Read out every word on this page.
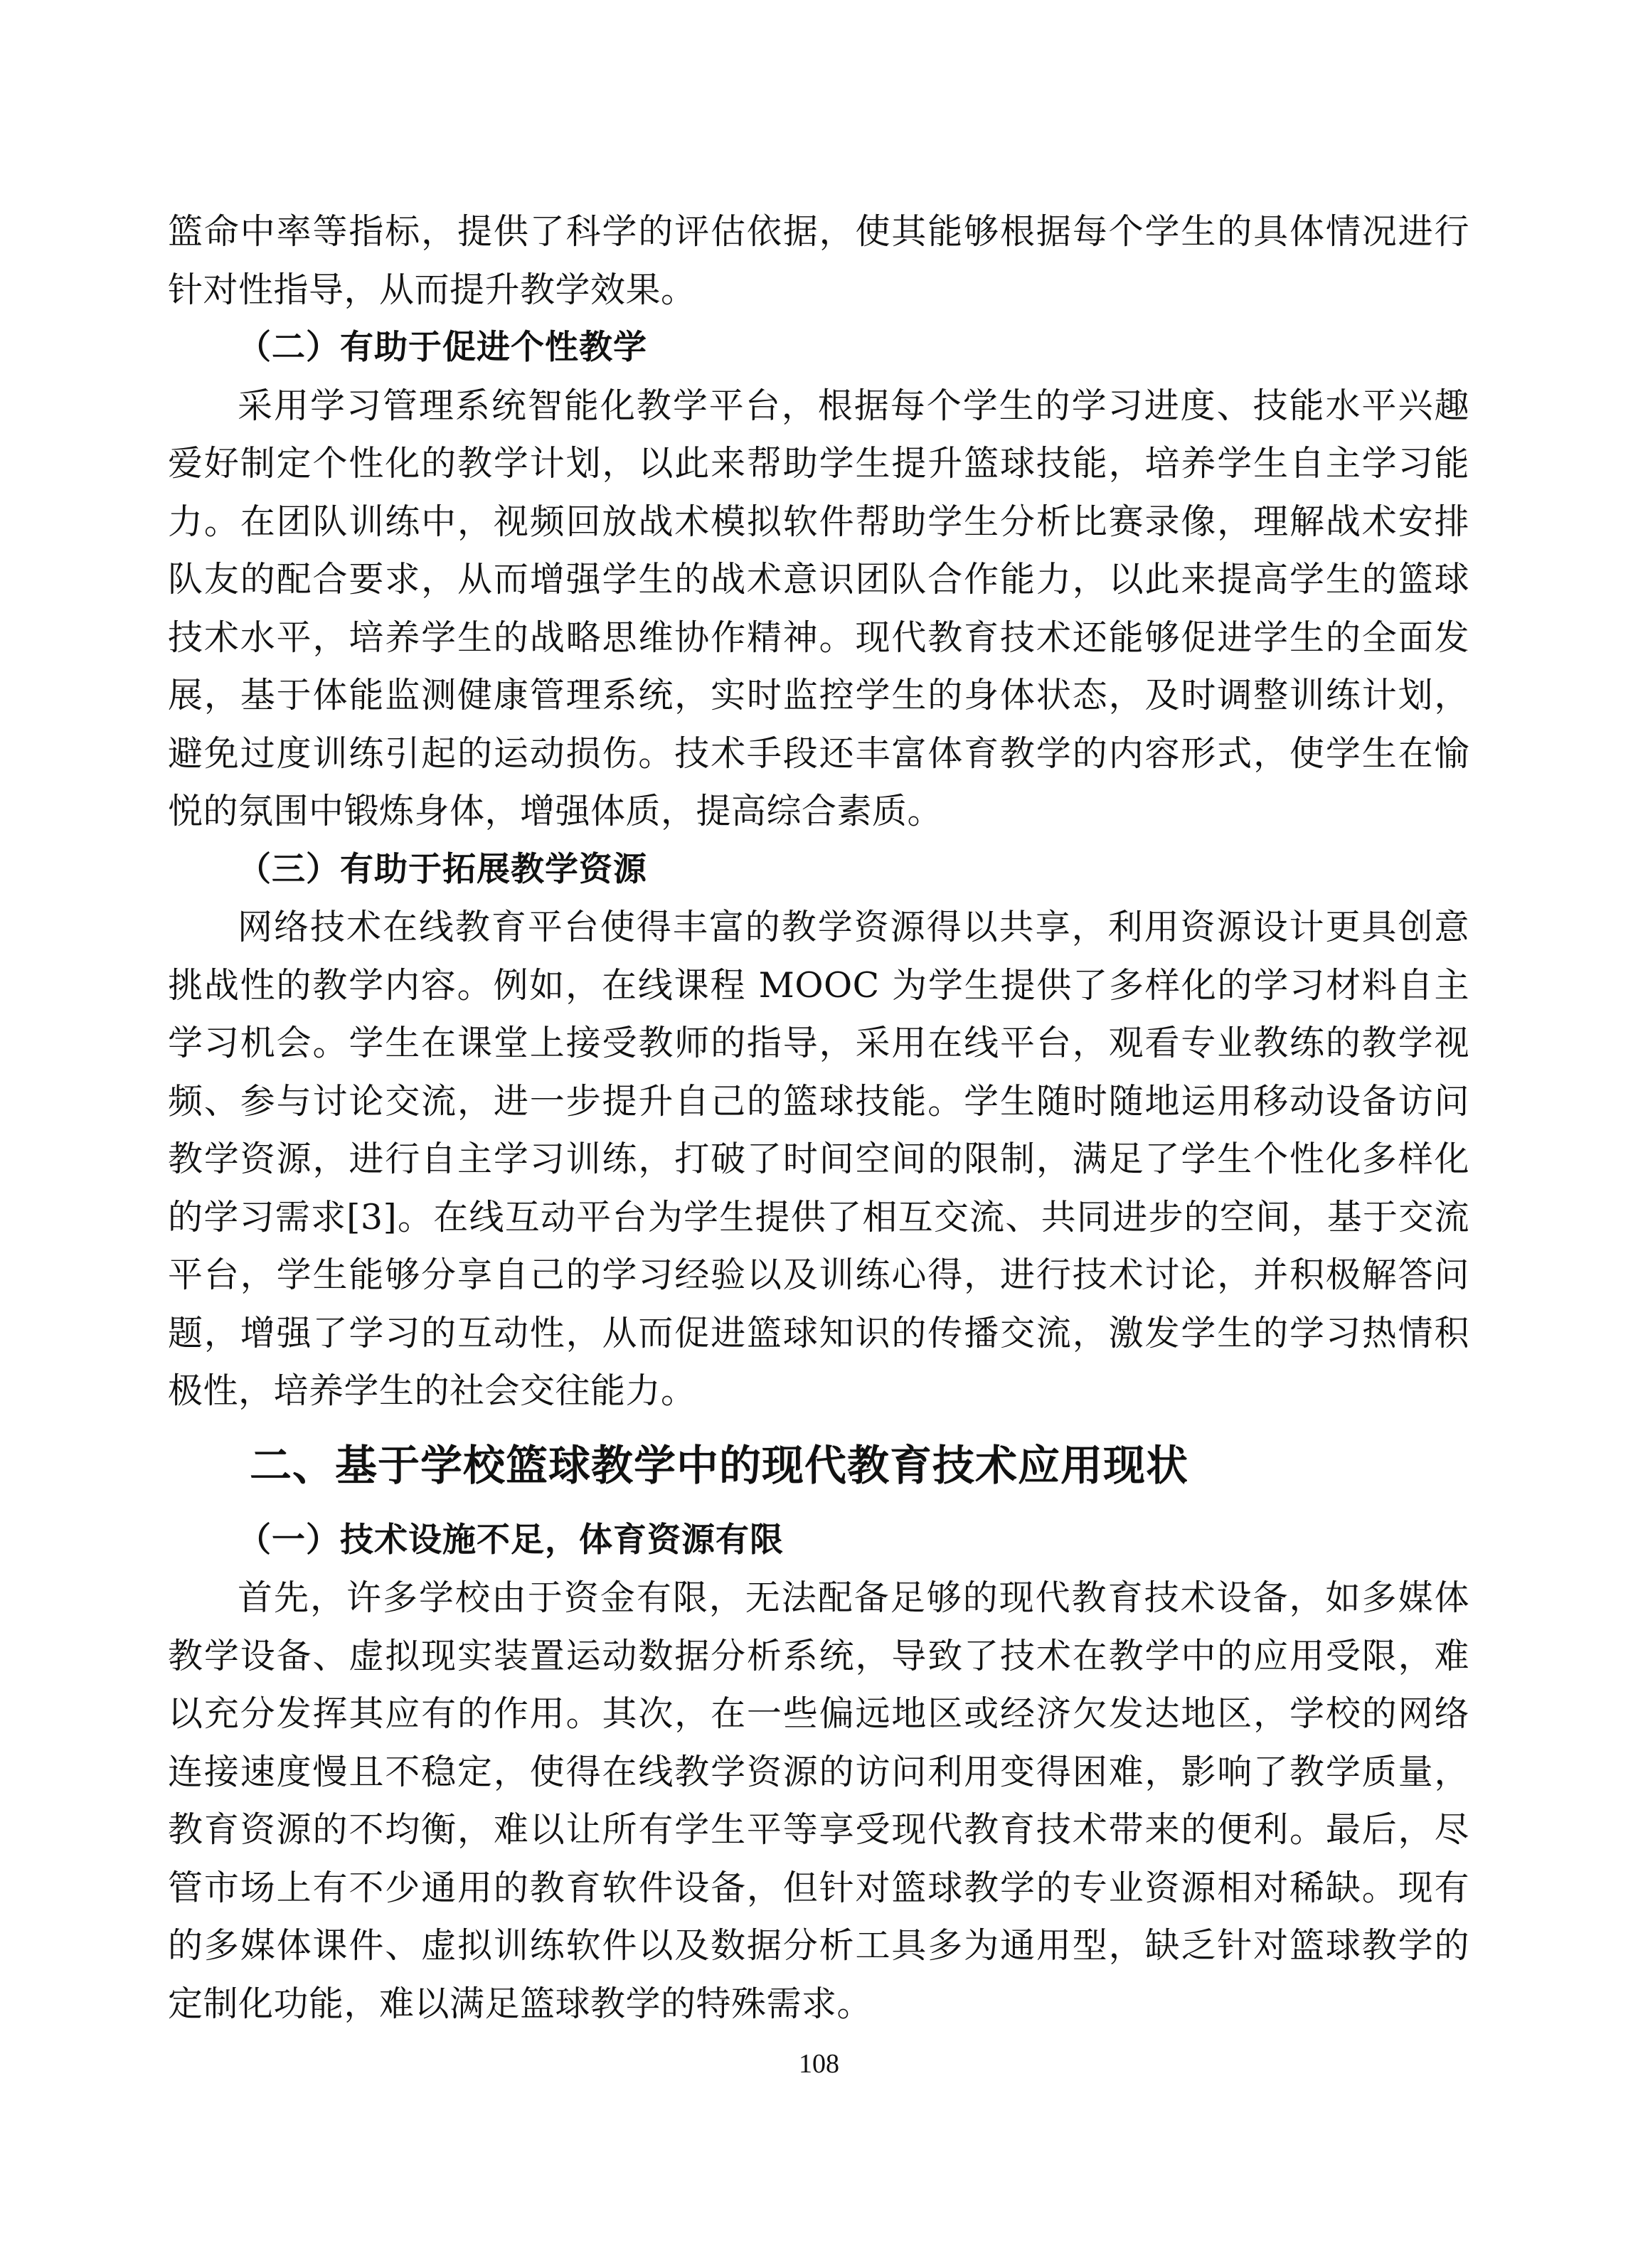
篮命中率等指标，提供了科学的评估依据，使其能够根据每个学生的具体情况进行针对性指导，从而提升教学效果。

（二）有助于促进个性教学

采用学习管理系统智能化教学平台，根据每个学生的学习进度、技能水平兴趣爱好制定个性化的教学计划，以此来帮助学生提升篮球技能，培养学生自主学习能力。在团队训练中，视频回放战术模拟软件帮助学生分析比赛录像，理解战术安排队友的配合要求，从而增强学生的战术意识团队合作能力，以此来提高学生的篮球技术水平，培养学生的战略思维协作精神。现代教育技术还能够促进学生的全面发展，基于体能监测健康管理系统，实时监控学生的身体状态，及时调整训练计划，避免过度训练引起的运动损伤。技术手段还丰富体育教学的内容形式，使学生在愉悦的氛围中锻炼身体，增强体质，提高综合素质。

（三）有助于拓展教学资源

网络技术在线教育平台使得丰富的教学资源得以共享，利用资源设计更具创意挑战性的教学内容。例如，在线课程 MOOC 为学生提供了多样化的学习材料自主学习机会。学生在课堂上接受教师的指导，采用在线平台，观看专业教练的教学视频、参与讨论交流，进一步提升自己的篮球技能。学生随时随地运用移动设备访问教学资源，进行自主学习训练，打破了时间空间的限制，满足了学生个性化多样化的学习需求[3]。在线互动平台为学生提供了相互交流、共同进步的空间，基于交流平台，学生能够分享自己的学习经验以及训练心得，进行技术讨论，并积极解答问题，增强了学习的互动性，从而促进篮球知识的传播交流，激发学生的学习热情积极性，培养学生的社会交往能力。

二、基于学校篮球教学中的现代教育技术应用现状
（一）技术设施不足，体育资源有限

首先，许多学校由于资金有限，无法配备足够的现代教育技术设备，如多媒体教学设备、虚拟现实装置运动数据分析系统，导致了技术在教学中的应用受限，难以充分发挥其应有的作用。其次，在一些偏远地区或经济欠发达地区，学校的网络连接速度慢且不稳定，使得在线教学资源的访问利用变得困难，影响了教学质量，教育资源的不均衡，难以让所有学生平等享受现代教育技术带来的便利。最后，尽管市场上有不少通用的教育软件设备，但针对篮球教学的专业资源相对稀缺。现有的多媒体课件、虚拟训练软件以及数据分析工具多为通用型，缺乏针对篮球教学的定制化功能，难以满足篮球教学的特殊需求。

108
